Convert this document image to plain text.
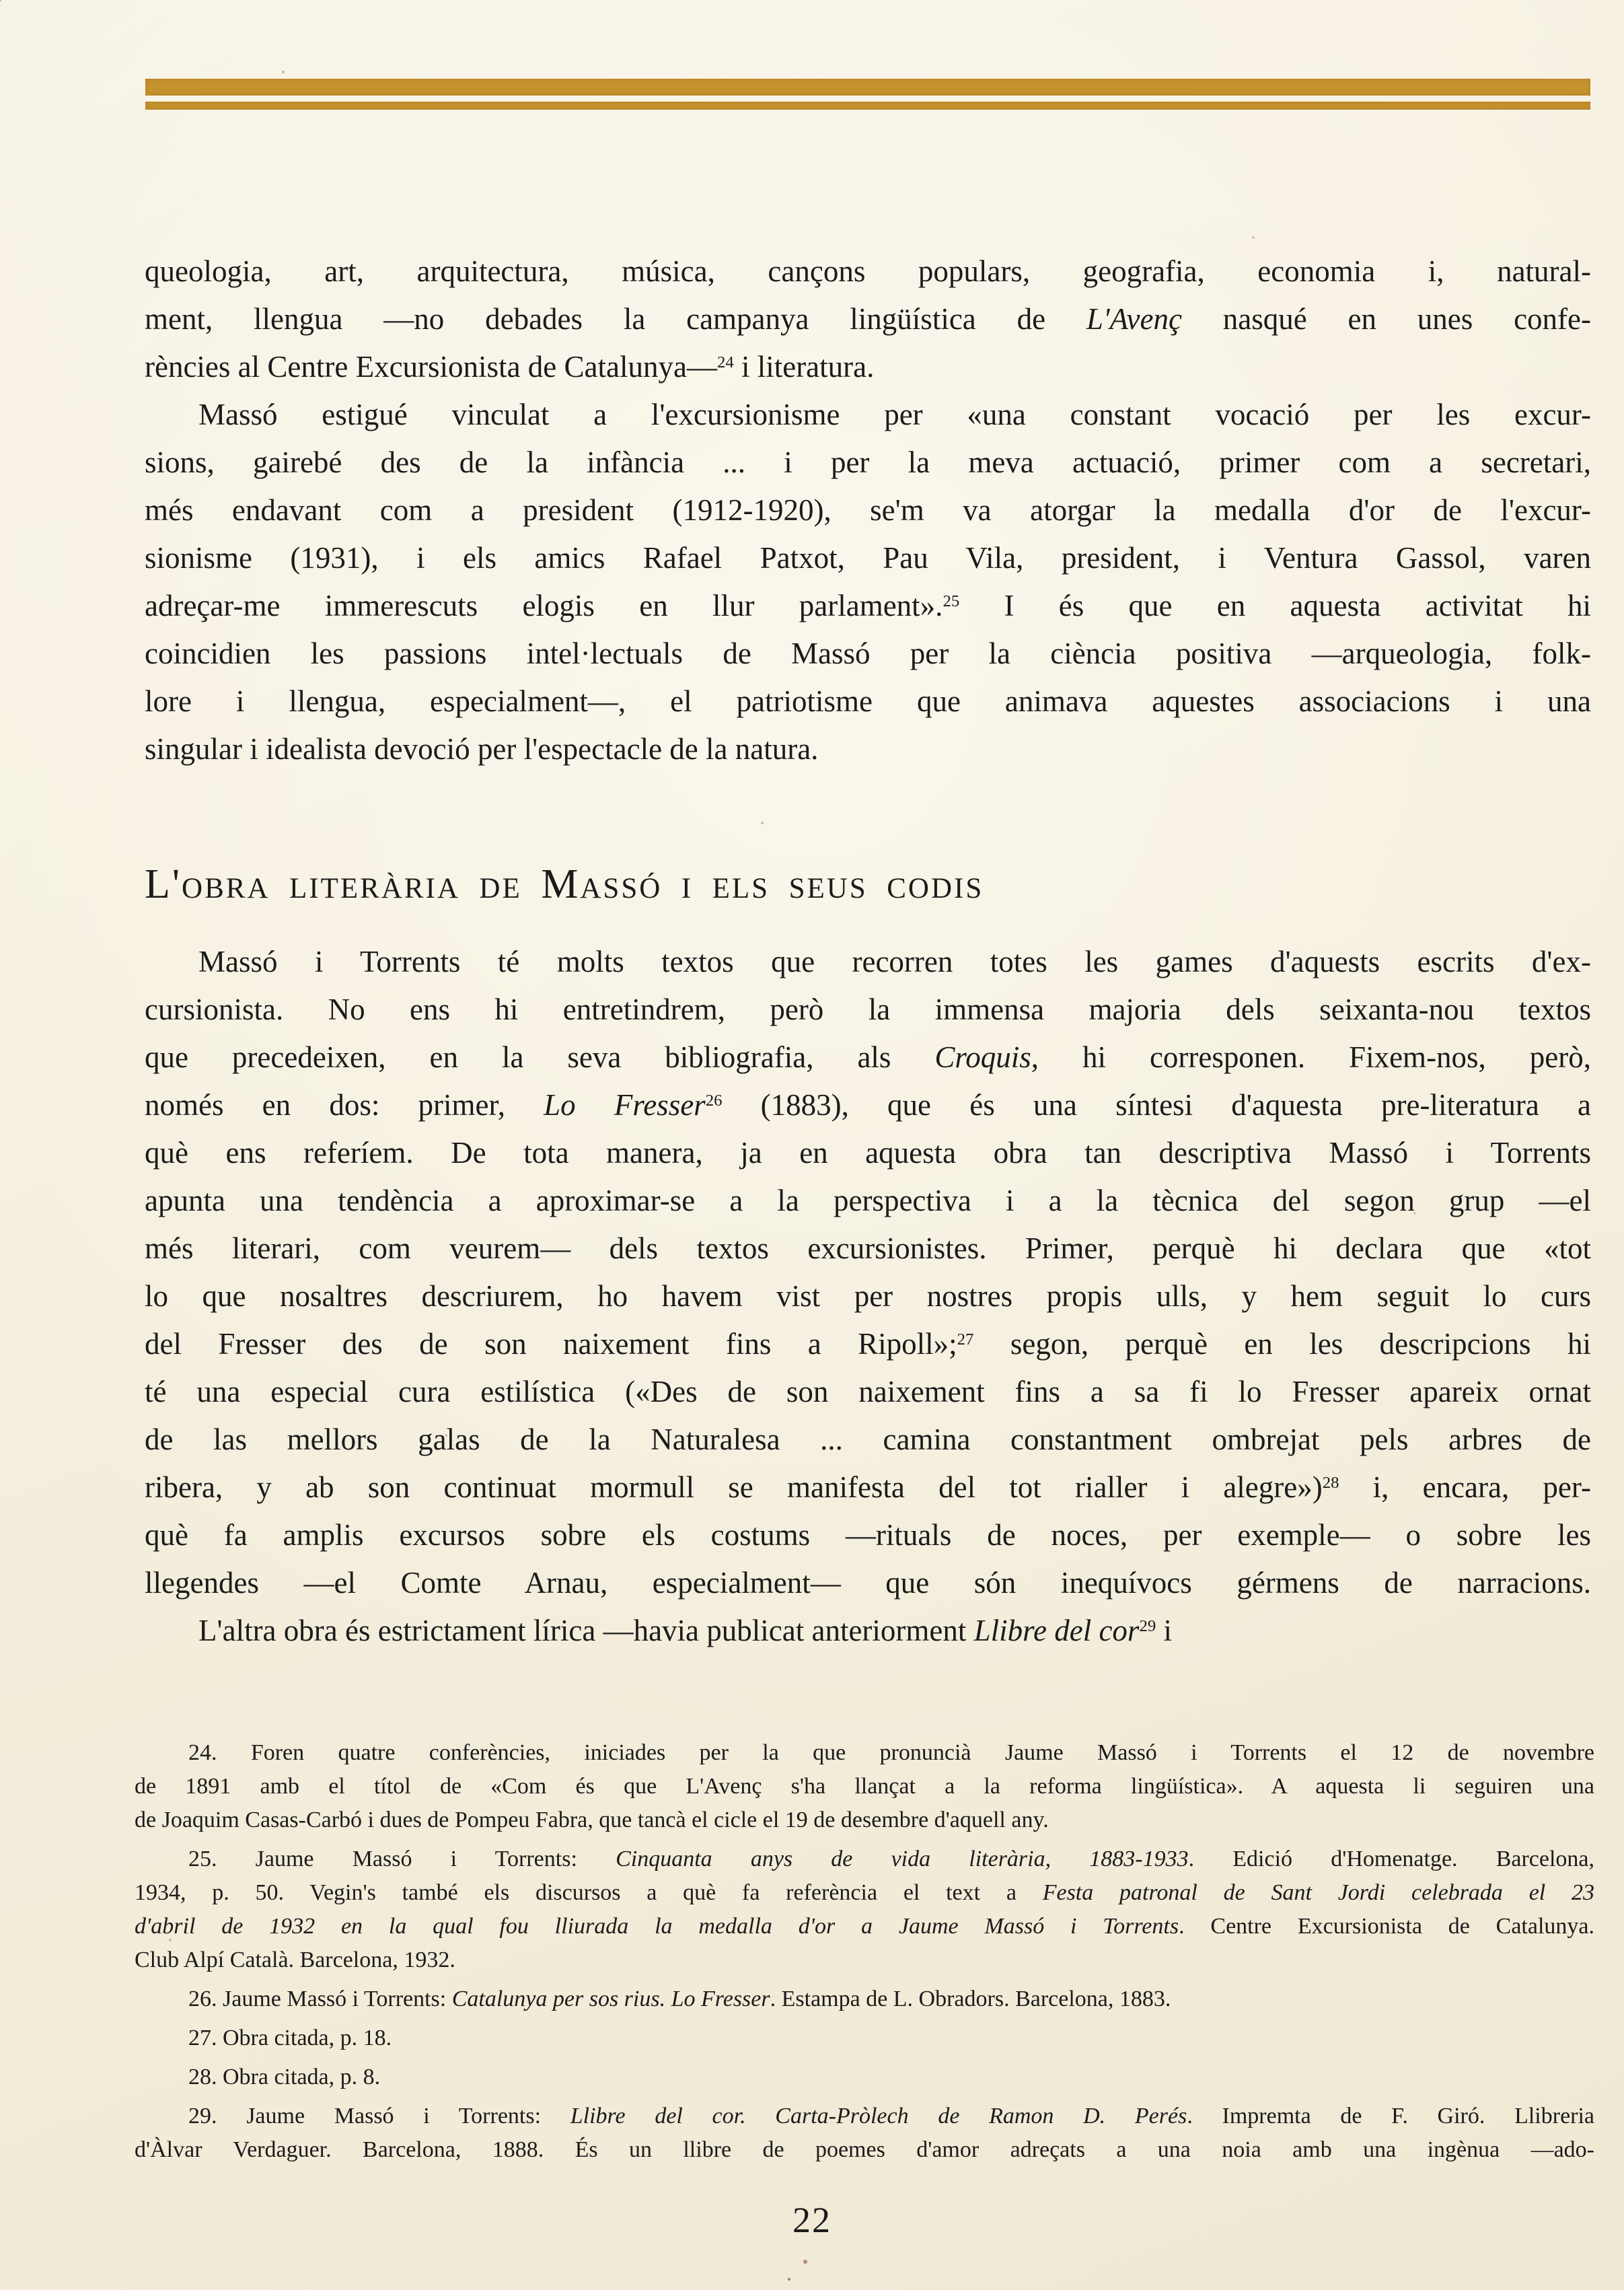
queologia, art, arquitectura, música, cançons populars, geografia, economia i, natural-
ment, llengua —no debades la campanya lingüística de L'Avenç nasqué en unes confe-
rències al Centre Excursionista de Catalunya—$^{24}$ i literatura.
Massó estigué vinculat a l'excursionisme per «una constant vocació per les excur-
sions, gairebé des de la infància ... i per la meva actuació, primer com a secretari,
més endavant com a president (1912-1920), se'm va atorgar la medalla d'or de l'excur-
sionisme (1931), i els amics Rafael Patxot, Pau Vila, president, i Ventura Gassol, varen
adreçar-me immerescuts elogis en llur parlament».$^{25}$ I és que en aquesta activitat hi
coincidien les passions intel·lectuals de Massó per la ciència positiva —arqueologia, folk-
lore i llengua, especialment—, el patriotisme que animava aquestes associacions i una
singular i idealista devoció per l'espectacle de la natura.
L'obra literària de Massó i els seus codis
Massó i Torrents té molts textos que recorren totes les games d'aquests escrits d'ex-
cursionista. No ens hi entretindrem, però la immensa majoria dels seixanta-nou textos
que precedeixen, en la seva bibliografia, als Croquis, hi corresponen. Fixem-nos, però,
només en dos: primer, Lo Fresser$^{26}$ (1883), que és una síntesi d'aquesta pre-literatura a
què ens referíem. De tota manera, ja en aquesta obra tan descriptiva Massó i Torrents
apunta una tendència a aproximar-se a la perspectiva i a la tècnica del segon grup —el
més literari, com veurem— dels textos excursionistes. Primer, perquè hi declara que «tot
lo que nosaltres descriurem, ho havem vist per nostres propis ulls, y hem seguit lo curs
del Fresser des de son naixement fins a Ripoll»;$^{27}$ segon, perquè en les descripcions hi
té una especial cura estilística («Des de son naixement fins a sa fi lo Fresser apareix ornat
de las mellors galas de la Naturalesa ... camina constantment ombrejat pels arbres de
ribera, y ab son continuat mormull se manifesta del tot rialler i alegre»)$^{28}$ i, encara, per-
què fa amplis excursos sobre els costums —rituals de noces, per exemple— o sobre les
llegendes —el Comte Arnau, especialment— que són inequívocs gérmens de narracions.
L'altra obra és estrictament lírica —havia publicat anteriorment Llibre del cor$^{29}$ i
24. Foren quatre conferències, iniciades per la que pronuncià Jaume Massó i Torrents el 12 de novembre
de 1891 amb el títol de «Com és que L'Avenç s'ha llançat a la reforma lingüística». A aquesta li seguiren una
de Joaquim Casas-Carbó i dues de Pompeu Fabra, que tancà el cicle el 19 de desembre d'aquell any.
25. Jaume Massó i Torrents: Cinquanta anys de vida literària, 1883-1933. Edició d'Homenatge. Barcelona,
1934, p. 50. Vegin's també els discursos a què fa referència el text a Festa patronal de Sant Jordi celebrada el 23
d'abril de 1932 en la qual fou lliurada la medalla d'or a Jaume Massó i Torrents. Centre Excursionista de Catalunya.
Club Alpí Català. Barcelona, 1932.
26. Jaume Massó i Torrents: Catalunya per sos rius. Lo Fresser. Estampa de L. Obradors. Barcelona, 1883.
27. Obra citada, p. 18.
28. Obra citada, p. 8.
29. Jaume Massó i Torrents: Llibre del cor. Carta-Pròlech de Ramon D. Perés. Impremta de F. Giró. Llibreria
d'Àlvar Verdaguer. Barcelona, 1888. És un llibre de poemes d'amor adreçats a una noia amb una ingènua —ado-
22
